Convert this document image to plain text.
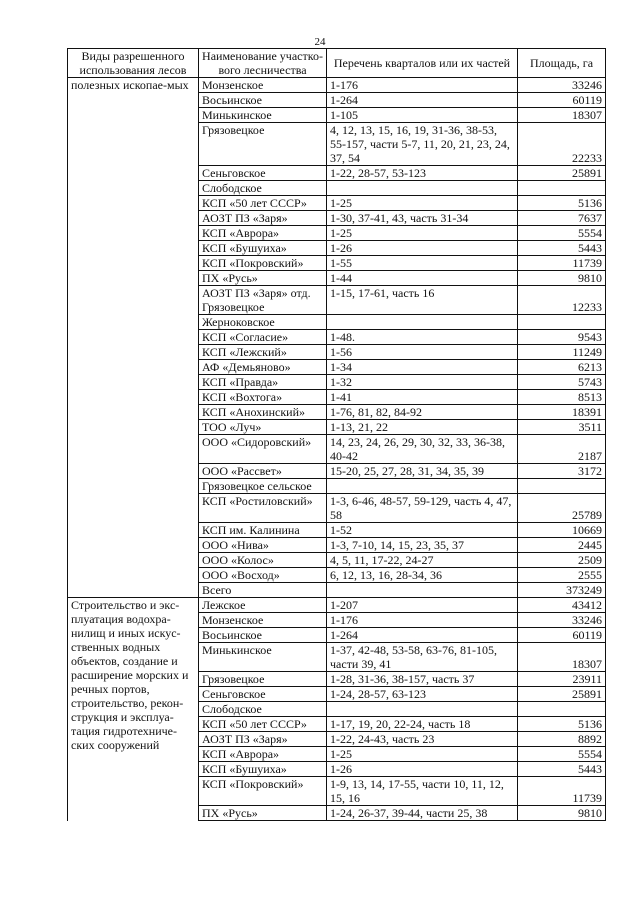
24
Виды разрешенного использования лесов	Наименование участко-вого лесничества	Перечень кварталов или их частей	Площадь, га
полезных ископае-мых	Монзенское	1-176	33246
	Восьинское	1-264	60119
	Минькинское	1-105	18307
	Грязовецкое	4, 12, 13, 15, 16, 19, 31-36, 38-53, 55-157, части 5-7, 11, 20, 21, 23, 24, 37, 54	22233
	Сеньговское	1-22, 28-57, 53-123	25891
	Слободское		
	КСП «50 лет СССР»	1-25	5136
	АОЗТ ПЗ «Заря»	1-30, 37-41, 43, часть 31-34	7637
	КСП «Аврора»	1-25	5554
	КСП «Бушуиха»	1-26	5443
	КСП «Покровский»	1-55	11739
	ПХ «Русь»	1-44	9810
	АОЗТ ПЗ «Заря» отд. Грязовецкое	1-15, 17-61, часть 16	12233
	Жерноковское		
	КСП «Согласие»	1-48.	9543
	КСП «Лежский»	1-56	11249
	АФ «Демьяново»	1-34	6213
	КСП «Правда»	1-32	5743
	КСП «Вохтога»	1-41	8513
	КСП «Анохинский»	1-76, 81, 82, 84-92	18391
	ТОО «Луч»	1-13, 21, 22	3511
	ООО «Сидоровский»	14, 23, 24, 26, 29, 30, 32, 33, 36-38, 40-42	2187
	ООО «Рассвет»	15-20, 25, 27, 28, 31, 34, 35, 39	3172
	Грязовецкое сельское		
	КСП «Ростиловский»	1-3, 6-46, 48-57, 59-129, часть 4, 47, 58	25789
	КСП им. Калинина	1-52	10669
	ООО «Нива»	1-3, 7-10, 14, 15, 23, 35, 37	2445
	ООО «Колос»	4, 5, 11, 17-22, 24-27	2509
	ООО «Восход»	6, 12, 13, 16, 28-34, 36	2555
	Всего		373249
Строительство и экс-плуатация водохра-нилищ и иных искус-ственных водных объектов, создание и расширение морских и речных портов, строительство, рекон-струкция и эксплуа-тация гидротехниче-ских сооружений	Лежское	1-207	43412
	Монзенское	1-176	33246
	Восьинское	1-264	60119
	Минькинское	1-37, 42-48, 53-58, 63-76, 81-105, части 39, 41	18307
	Грязовецкое	1-28, 31-36, 38-157, часть 37	23911
	Сеньговское	1-24, 28-57, 63-123	25891
	Слободское		
	КСП «50 лет СССР»	1-17, 19, 20, 22-24, часть 18	5136
	АОЗТ ПЗ «Заря»	1-22, 24-43, часть 23	8892
	КСП «Аврора»	1-25	5554
	КСП «Бушуиха»	1-26	5443
	КСП «Покровский»	1-9, 13, 14, 17-55, части 10, 11, 12, 15, 16	11739
	ПХ «Русь»	1-24, 26-37, 39-44, части 25, 38	9810
